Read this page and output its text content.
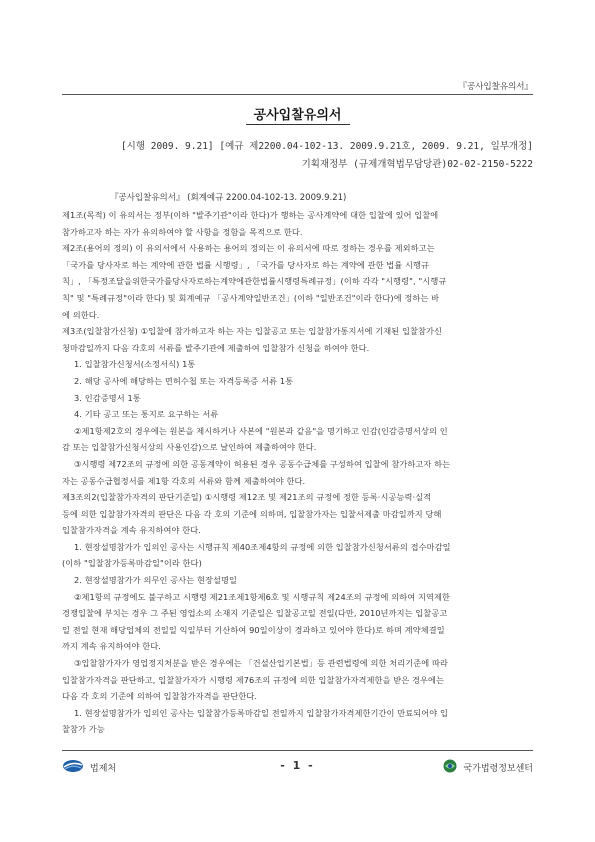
『공사입찰유의서』
공사입찰유의서
[시행 2009. 9.21] [예규 제2200.04-102-13. 2009.9.21호, 2009. 9.21, 일부개정]
기획재정부 (규제개혁법무담당관)02-02-2150-5222
『공사입찰유의서』 (회계예규 2200.04-102-13. 2009.9.21)

제1조(목적) 이 유의서는 정부(이하 "발주기관"이라 한다)가 행하는 공사계약에 대한 입찰에 있어 입찰에

참가하고자 하는 자가 유의하여야 할 사항을 정함을 목적으로 한다.

제2조(용어의 정의) 이 유의서에서 사용하는 용어의 정의는 이 유의서에 따로 정하는 경우를 제외하고는

「국가를 당사자로 하는 계약에 관한 법률 시행령」, 「국가를 당사자로 하는 계약에 관한 법률 시행규

칙」, 「특정조달을위한국가를당사자로하는계약에관한법률시행령특례규정」(이하 각각 "시행령", "시행규

칙" 및 "특례규정"이라 한다) 및 회계예규 「공사계약일반조건」(이하 "일반조건"이라 한다)에 정하는 바

에 의한다.

제3조(입찰참가신청) ①입찰에 참가하고자 하는 자는 입찰공고 또는 입찰참가통지서에 기재된 입찰참가신

청마감일까지 다음 각호의 서류를 발주기관에 제출하여 입찰참가 신청을 하여야 한다.

1. 입찰참가신청서(소정서식) 1통

2. 해당 공사에 해당하는 면허수첩 또는 자격등록증 서류 1통

3. 인감증명서 1통

4. 기타 공고 또는 통지로 요구하는 서류

②제1항제2호의 경우에는 원본을 제시하거나 사본에 "원본과 같음"을 명기하고 인감(인감증명서상의 인

감 또는 입찰참가신청서상의 사용인감)으로 날인하여 제출하여야 한다.

③시행령 제72조의 규정에 의한 공동계약이 허용된 경우 공동수급체를 구성하여 입찰에 참가하고자 하는

자는 공동수급협정서를 제1항 각호의 서류와 함께 제출하여야 한다.

제3조의2(입찰참가자격의 판단기준일) ①시행령 제12조 및 제21조의 규정에 정한 등록·시공능력·실적

등에 의한 입찰참가자격의 판단은 다음 각 호의 기준에 의하며, 입찰참가자는 입찰서제출 마감일까지 당해

입찰참가자격을 계속 유지하여야 한다.

1. 현장설명참가가 입의인 공사는 시행규칙 제40조제4항의 규정에 의한 입찰참가신청서류의 접수마감일

(이하 "입찰참가등록마감일"이라 한다)

2. 현장설명참가가 의무인 공사는 현장설명일

②제1항의 규정에도 불구하고 시행령 제21조제1항제6호 및 시행규칙 제24조의 규정에 의하여 지역제한

경쟁입찰에 부치는 경우 그 주된 영업소의 소재지 기준일은 입찰공고일 전일(다만, 2010년까지는 입찰공고

일 전일 현재 해당업체의 전일일 익일부터 기산하여 90일이상이 경과하고 있어야 한다)로 하며 계약체결일

까지 계속 유지하여야 한다.

③입찰참가자가 영업정지처분을 받은 경우에는 「건설산업기본법」등 관련법령에 의한 처리기준에 따라

입찰참가자격을 판단하고, 입찰참가자가 시행령 제76조의 규정에 의한 입찰참가자격제한을 받은 경우에는

다음 각 호의 기준에 의하여 입찰참가자격을 판단한다.

1. 현장설명참가가 입의인 공사는 입찰참가등록마감일 전일까지 입찰참가자격제한기간이 만료되어야 입

찰참가 가능

법제처	- 1 -	국가법령정보센터
